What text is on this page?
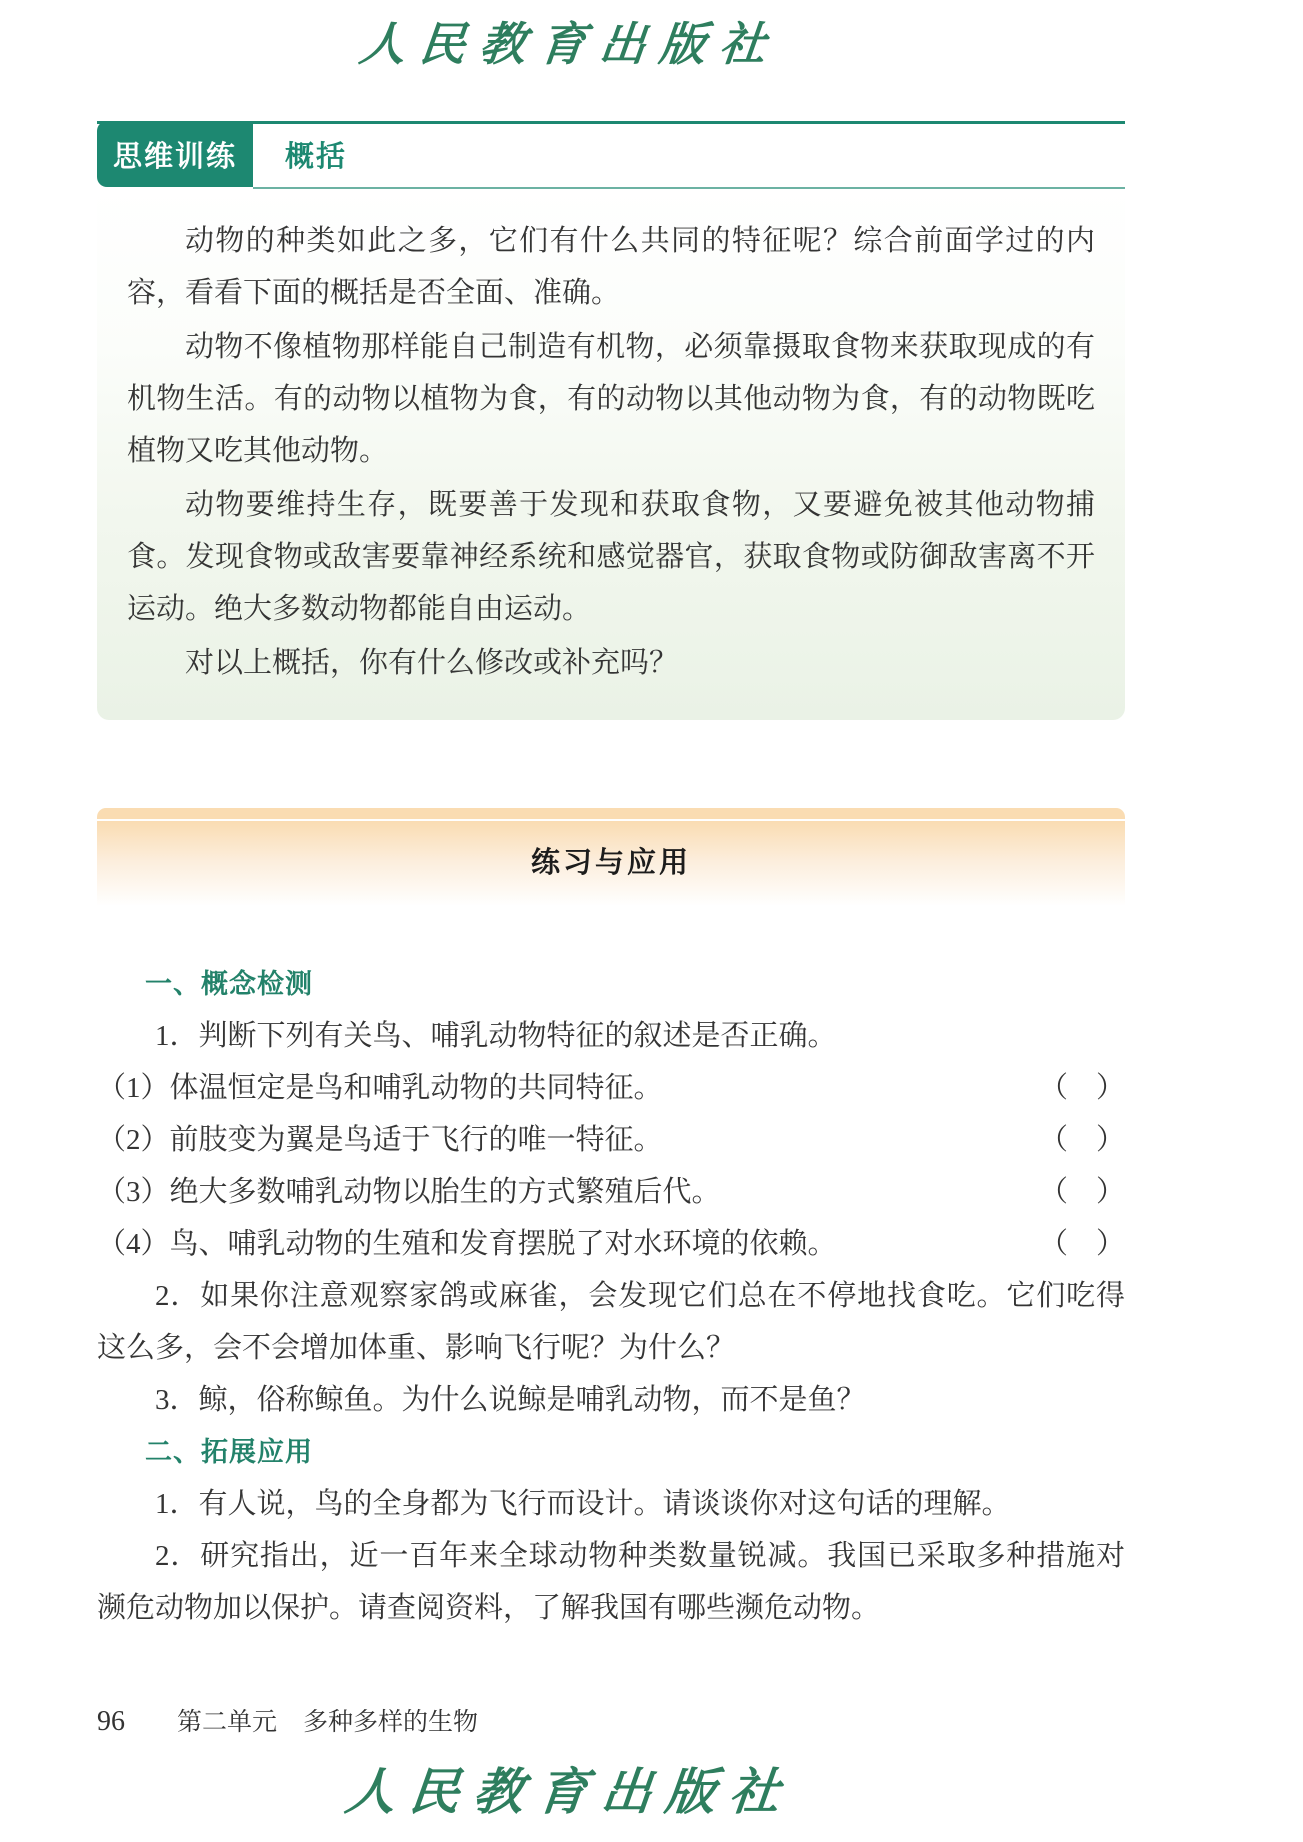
人民教育出版社
思维训练 概括

动物的种类如此之多，它们有什么共同的特征呢？综合前面学过的内容，看看下面的概括是否全面、准确。

动物不像植物那样能自己制造有机物，必须靠摄取食物来获取现成的有机物生活。有的动物以植物为食，有的动物以其他动物为食，有的动物既吃植物又吃其他动物。

动物要维持生存，既要善于发现和获取食物，又要避免被其他动物捕食。发现食物或敌害要靠神经系统和感觉器官，获取食物或防御敌害离不开运动。绝大多数动物都能自由运动。

对以上概括，你有什么修改或补充吗？

练习与应用
一、概念检测
1．判断下列有关鸟、哺乳动物特征的叙述是否正确。
（1）体温恒定是鸟和哺乳动物的共同特征。	（ ）
（2）前肢变为翼是鸟适于飞行的唯一特征。	（ ）
（3）绝大多数哺乳动物以胎生的方式繁殖后代。	（ ）
（4）鸟、哺乳动物的生殖和发育摆脱了对水环境的依赖。	（ ）
2．如果你注意观察家鸽或麻雀，会发现它们总在不停地找食吃。它们吃得这么多，会不会增加体重、影响飞行呢？为什么？
3．鲸，俗称鲸鱼。为什么说鲸是哺乳动物，而不是鱼？
二、拓展应用
1．有人说，鸟的全身都为飞行而设计。请谈谈你对这句话的理解。
2．研究指出，近一百年来全球动物种类数量锐减。我国已采取多种措施对濒危动物加以保护。请查阅资料，了解我国有哪些濒危动物。
96 第二单元 多种多样的生物
人民教育出版社
